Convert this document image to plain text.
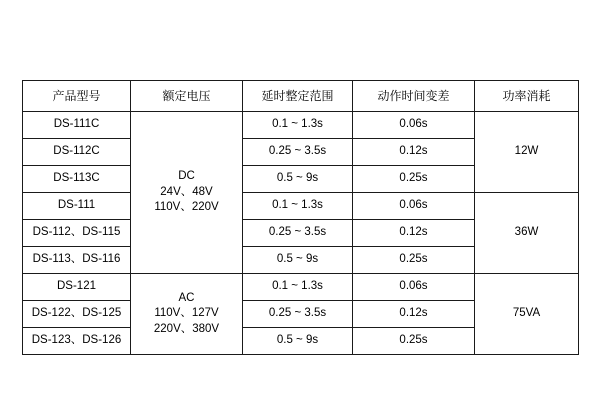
产品型号	额定电压	延时整定范围	动作时间变差	功率消耗
DS-111C	DC
24V、48V
110V、220V	0.1 ~ 1.3s	0.06s	12W
DS-112C		0.25 ~ 3.5s	0.12s	
DS-113C		0.5 ~ 9s	0.25s	
DS-111		0.1 ~ 1.3s	0.06s	36W
DS-112、DS-115		0.25 ~ 3.5s	0.12s	
DS-113、DS-116		0.5 ~ 9s	0.25s	
DS-121	AC
110V、127V
220V、380V	0.1 ~ 1.3s	0.06s	75VA
DS-122、DS-125		0.25 ~ 3.5s	0.12s	
DS-123、DS-126		0.5 ~ 9s	0.25s	
